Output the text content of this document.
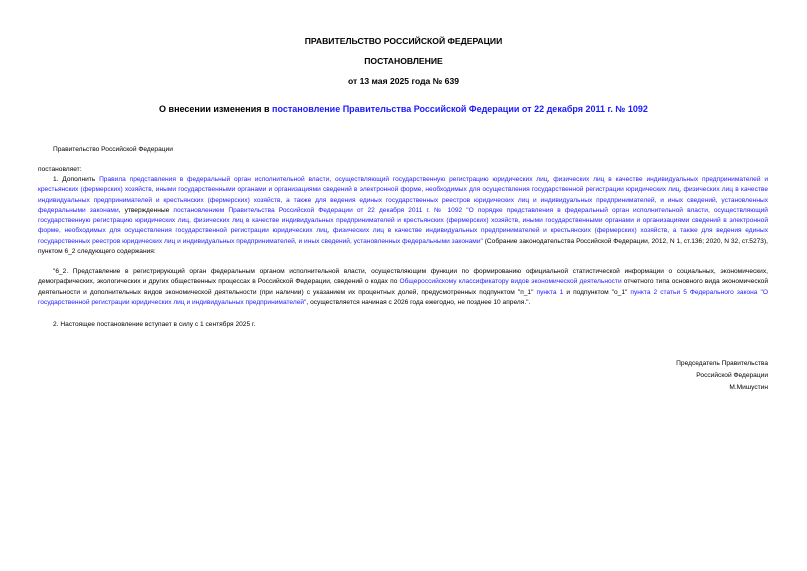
ПРАВИТЕЛЬСТВО РОССИЙСКОЙ ФЕДЕРАЦИИ
ПОСТАНОВЛЕНИЕ
от 13 мая 2025 года № 639
О внесении изменения в постановление Правительства Российской Федерации от 22 декабря 2011 г. № 1092
Правительство Российской Федерации
постановляет:
1. Дополнить Правила представления в федеральный орган исполнительной власти, осуществляющий государственную регистрацию юридических лиц, физических лиц в качестве индивидуальных предпринимателей и крестьянских (фермерских) хозяйств, иными государственными органами и организациями сведений в электронной форме, необходимых для осуществления государственной регистрации юридических лиц, физических лиц в качестве индивидуальных предпринимателей и крестьянских (фермерских) хозяйств, а также для ведения единых государственных реестров юридических лиц и индивидуальных предпринимателей, и иных сведений, установленных федеральными законами, утвержденные постановлением Правительства Российской Федерации от 22 декабря 2011 г. № 1092 "О порядке представления в федеральный орган исполнительной власти, осуществляющий государственную регистрацию юридических лиц, физических лиц в качестве индивидуальных предпринимателей и крестьянских (фермерских) хозяйств, иными государственными органами и организациями сведений в электронной форме, необходимых для осуществления государственной регистрации юридических лиц, физических лиц в качестве индивидуальных предпринимателей и крестьянских (фермерских) хозяйств, а также для ведения единых государственных реестров юридических лиц и индивидуальных предпринимателей, и иных сведений, установленных федеральными законами" (Собрание законодательства Российской Федерации, 2012, N 1, ст.136; 2020, N 32, ст.5273), пунктом 6_2 следующего содержания:
"6_2. Представление в регистрирующий орган федеральным органом исполнительной власти, осуществляющим функции по формированию официальной статистической информации о социальных, экономических, демографических, экологических и других общественных процессах в Российской Федерации, сведений о кодах по Общероссийскому классификатору видов экономической деятельности отчетного типа основного вида экономической деятельности и дополнительных видов экономической деятельности (при наличии) с указанием их процентных долей, предусмотренных подпунктом "п_1" пункта 1 и подпунктом "о_1" пункта 2 статьи 5 Федерального закона "О государственной регистрации юридических лиц и индивидуальных предпринимателей", осуществляется начиная с 2026 года ежегодно, не позднее 10 апреля.".
2. Настоящее постановление вступает в силу с 1 сентября 2025 г.
Председатель Правительства
Российской Федерации
М.Мишустин
